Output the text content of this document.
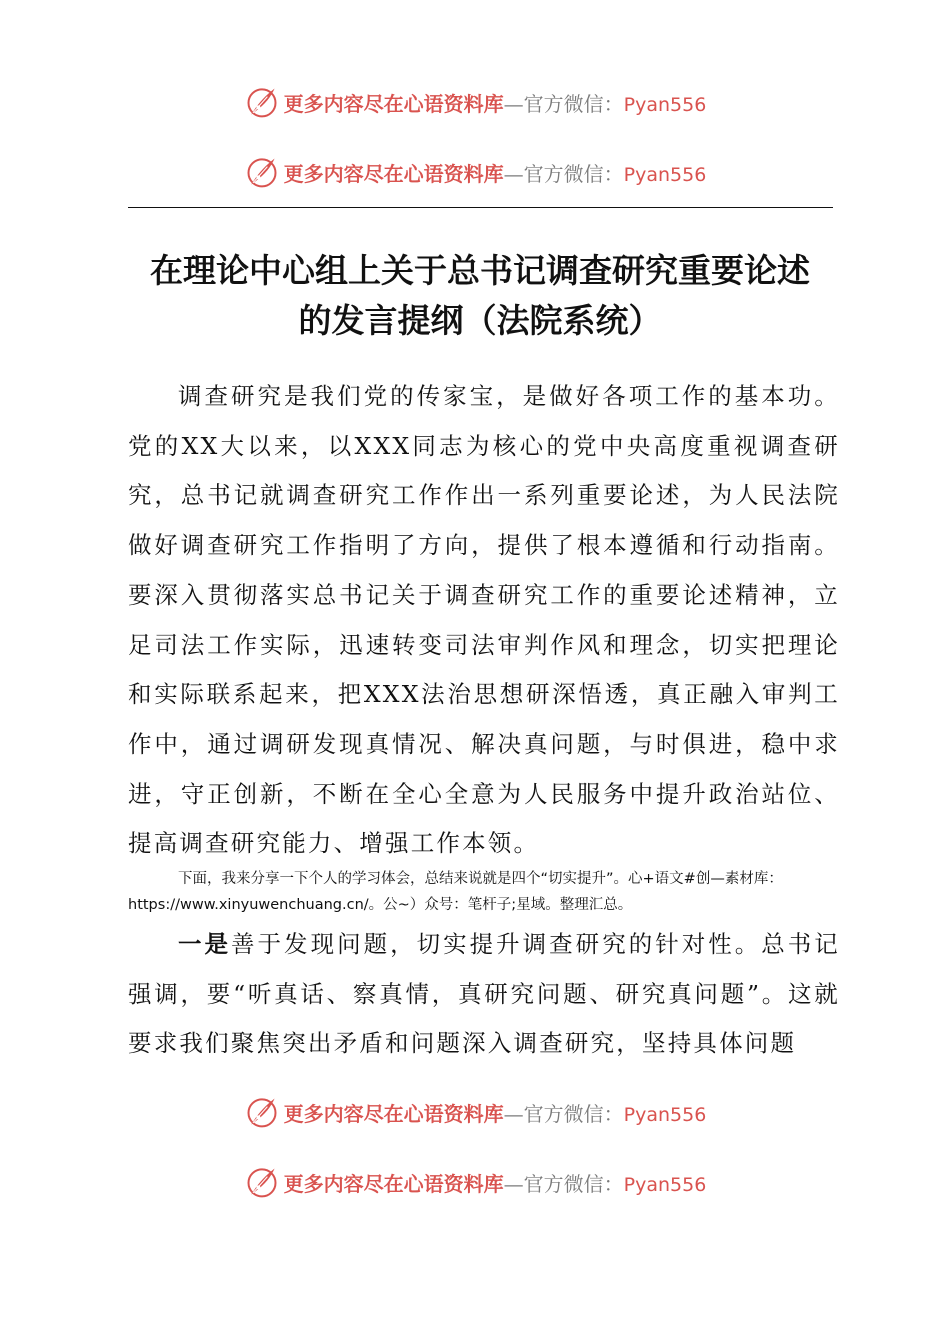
更多内容尽在心语资料库—官方微信：Pyan556
更多内容尽在心语资料库—官方微信：Pyan556
在理论中心组上关于总书记调查研究重要论述
的发言提纲（法院系统）
调查研究是我们党的传家宝，是做好各项工作的基本功。党的XX大以来，以XXX同志为核心的党中央高度重视调查研究，总书记就调查研究工作作出一系列重要论述，为人民法院做好调查研究工作指明了方向，提供了根本遵循和行动指南。要深入贯彻落实总书记关于调查研究工作的重要论述精神，立足司法工作实际，迅速转变司法审判作风和理念，切实把理论和实际联系起来，把XXX法治思想研深悟透，真正融入审判工作中，通过调研发现真情况、解决真问题，与时俱进，稳中求进，守正创新，不断在全心全意为人民服务中提升政治站位、提高调查研究能力、增强工作本领。
下面，我来分享一下个人的学习体会，总结来说就是四个“切实提升”。心+语文#创—素材库：https://www.xinyuwenchuang.cn/。公~）众号：笔杆子;星域。整理汇总。
一是善于发现问题，切实提升调查研究的针对性。总书记强调，要“听真话、察真情，真研究问题、研究真问题”。这就要求我们聚焦突出矛盾和问题深入调查研究，坚持具体问题
更多内容尽在心语资料库—官方微信：Pyan556
更多内容尽在心语资料库—官方微信：Pyan556
